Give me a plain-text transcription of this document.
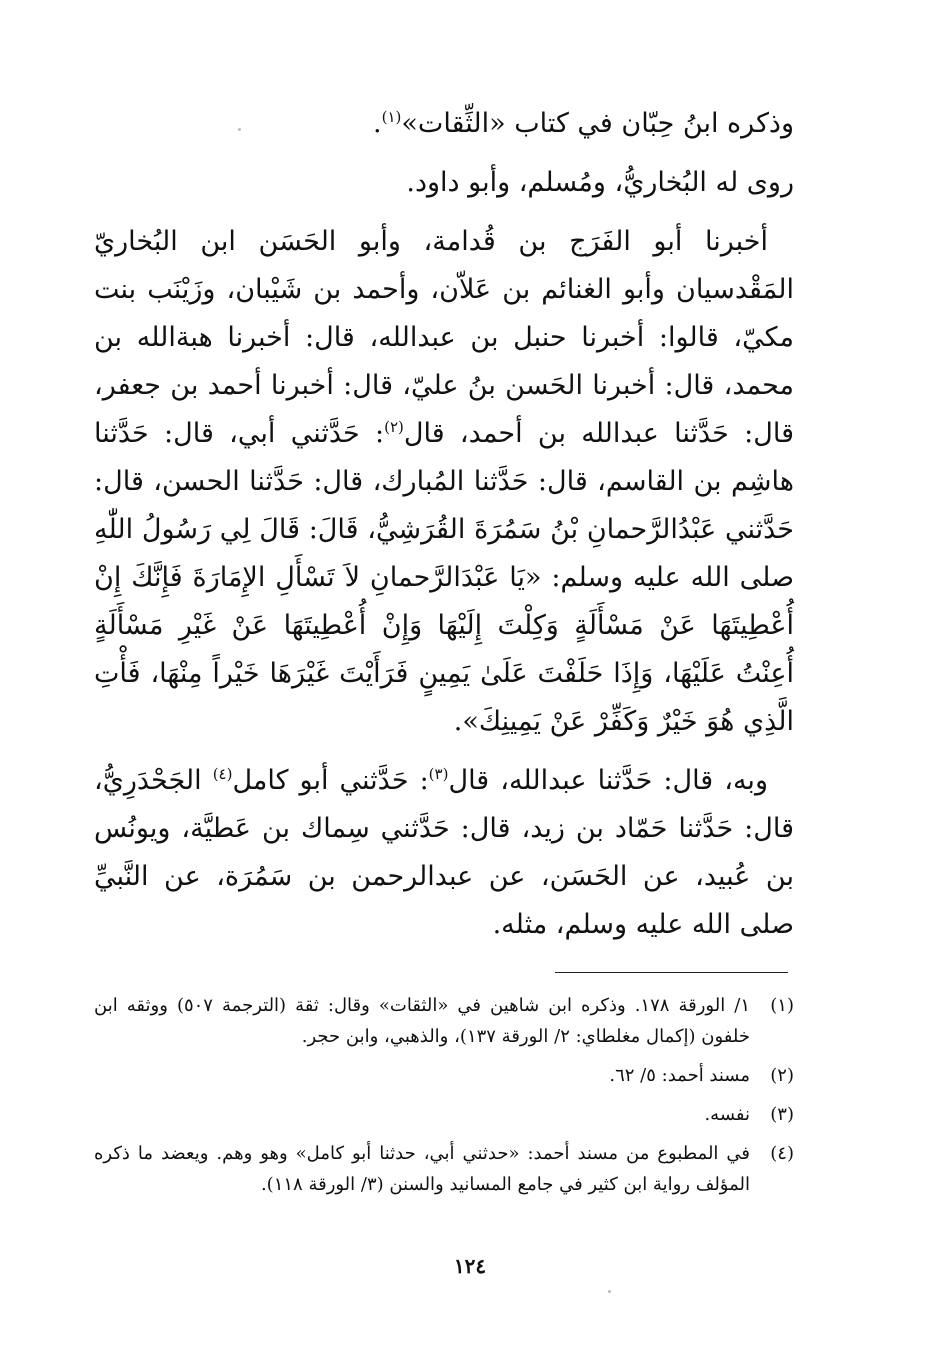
وذكره ابنُ حِبّان في كتاب «الثِّقات»$^{(١)}$.

روى له البُخاريُّ، ومُسلم، وأبو داود.

أخبرنا أبو الفَرَج بن قُدامة، وأبو الحَسَن ابن البُخاريّ المَقْدسيان وأبو الغنائم بن عَلاّن، وأحمد بن شَيْبان، وزَيْنَب بنت مكيّ، قالوا: أخبرنا حنبل بن عبدالله، قال: أخبرنا هبةالله بن محمد، قال: أخبرنا الحَسن بنُ عليّ، قال: أخبرنا أحمد بن جعفر، قال: حَدَّثنا عبدالله بن أحمد، قال$^{(٢)}$: حَدَّثني أبي، قال: حَدَّثنا هاشِم بن القاسم، قال: حَدَّثنا المُبارك، قال: حَدَّثنا الحسن، قال: حَدَّثني عَبْدُالرَّحمانِ بْنُ سَمُرَةَ القُرَشِيُّ، قَالَ: قَالَ لِي رَسُولُ اللّٰهِ صلى الله عليه وسلم: «يَا عَبْدَالرَّحمانِ لاَ تَسْأَلِ الإِمَارَةَ فَإِنَّكَ إِنْ أُعْطِيتَهَا عَنْ مَسْأَلَةٍ وَكِلْتَ إِلَيْهَا وَإِنْ أُعْطِيتَهَا عَنْ غَيْرِ مَسْأَلَةٍ أُعِنْتُ عَلَيْهَا، وَإِذَا حَلَفْتَ عَلَىٰ يَمِينٍ فَرَأَيْتَ غَيْرَهَا خَيْراً مِنْهَا، فَأْتِ الَّذِي هُوَ خَيْرٌ وَكَفِّرْ عَنْ يَمِينِكَ».

وبه، قال: حَدَّثنا عبدالله، قال$^{(٣)}$: حَدَّثني أبو كامل$^{(٤)}$ الجَحْدَرِيُّ، قال: حَدَّثنا حَمّاد بن زيد، قال: حَدَّثني سِماك بن عَطيَّة، ويونُس بن عُبيد، عن الحَسَن، عن عبدالرحمن بن سَمُرَة، عن النَّبيِّ صلى الله عليه وسلم، مثله.

(١)
١/ الورقة ١٧٨. وذكره ابن شاهين في «الثقات» وقال: ثقة (الترجمة ٥٠٧) ووثقه ابن خلفون (إكمال مغلطاي: ٢/ الورقة ١٣٧)، والذهبي، وابن حجر.
(٢)
مسند أحمد: ٥/ ٦٢.
(٣)
نفسه.
(٤)
في المطبوع من مسند أحمد: «حدثني أبي، حدثنا أبو كامل» وهو وهم. ويعضد ما ذكره المؤلف رواية ابن كثير في جامع المسانيد والسنن (٣/ الورقة ١١٨).
١٢٤
